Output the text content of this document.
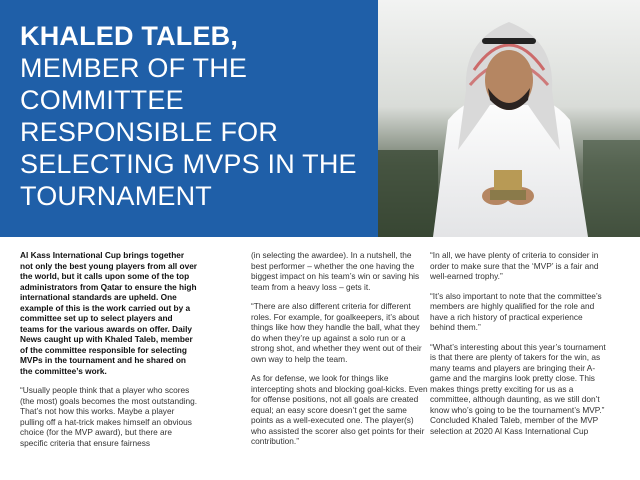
KHALED TALEB, MEMBER OF THE COMMITTEE RESPONSIBLE FOR SELECTING MVPS IN THE TOURNAMENT

Al Kass International Cup brings together not only the best young players from all over the world, but it calls upon some of the top administrators from Qatar to ensure the high international standards are upheld. One example of this is the work carried out by a committee set up to select players and teams for the various awards on offer. Daily News caught up with Khaled Taleb, member of the committee responsible for selecting MVPs in the tournament and he shared on the committee’s work.

“Usually people think that a player who scores (the most) goals becomes the most outstanding. That’s not how this works. Maybe a player pulling off a hat-trick makes himself an obvious choice (for the MVP award), but there are specific criteria that ensure fairness

(in selecting the awardee). In a nutshell, the best performer – whether the one having the biggest impact on his team’s win or saving his team from a heavy loss – gets it.

“There are also different criteria for different roles. For example, for goalkeepers, it’s about things like how they handle the ball, what they do when they’re up against a solo run or a strong shot, and whether they went out of their own way to help the team.

As for defense, we look for things like intercepting shots and blocking goal-kicks. Even for offense positions, not all goals are created equal; an easy score doesn’t get the same points as a well-executed one. The player(s) who assisted the scorer also get points for their contribution.”

“In all, we have plenty of criteria to consider in order to make sure that the ‘MVP’ is a fair and well-earned trophy.”

“It’s also important to note that the committee’s members are highly qualified for the role and have a rich history of practical experience behind them.”

“What’s interesting about this year’s tournament is that there are plenty of takers for the win, as many teams and players are bringing their A-game and the margins look pretty close. This makes things pretty exciting for us as a committee, although daunting, as we still don’t know who’s going to be the tournament’s MVP.” Concluded Khaled Taleb, member of the MVP selection at 2020 Al Kass International Cup
